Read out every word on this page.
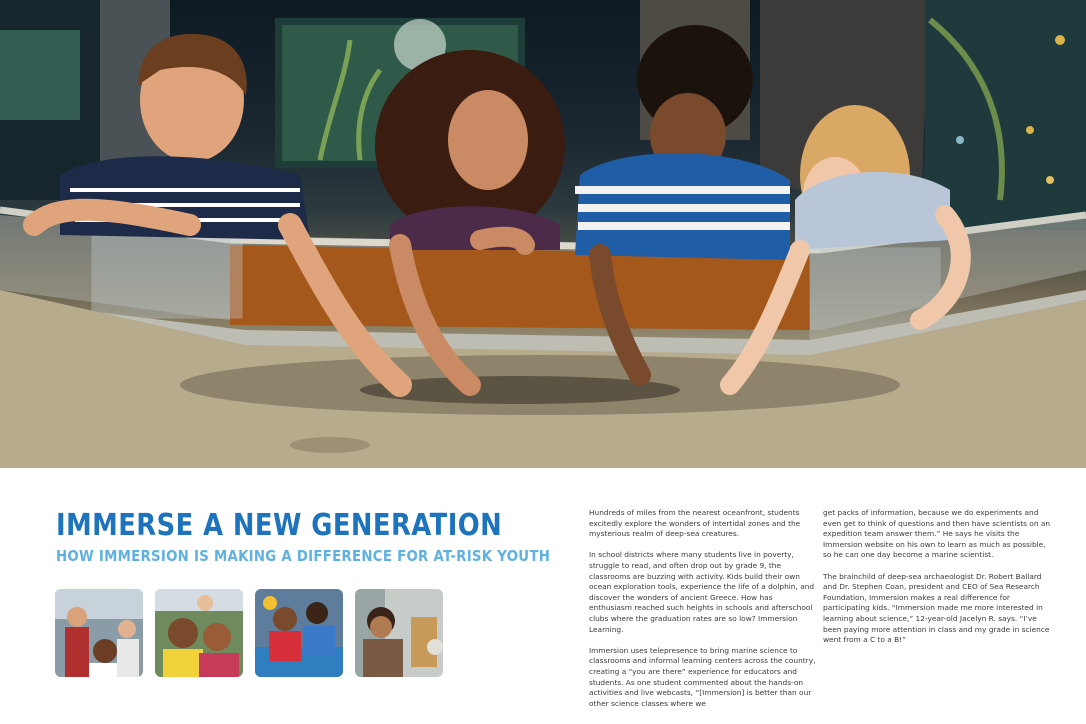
IMMERSE A NEW GENERATION
HOW IMMERSION IS MAKING A DIFFERENCE FOR AT-RISK YOUTH

Hundreds of miles from the nearest oceanfront, students excitedly explore the wonders of intertidal zones and the mysterious realm of deep-sea creatures.

In school districts where many students live in poverty, struggle to read, and often drop out by grade 9, the classrooms are buzzing with activity. Kids build their own ocean exploration tools, experience the life of a dolphin, and discover the wonders of ancient Greece. How has enthusiasm reached such heights in schools and afterschool clubs where the graduation rates are so low? Immersion Learning.

Immersion uses telepresence to bring marine science to classrooms and informal learning centers across the country, creating a “you are there” experience for educators and students. As one student commented about the hands-on activities and live webcasts, “[Immersion] is better than our other science classes where we

get packs of information, because we do experiments and even get to think of questions and then have scientists on an expedition team answer them.” He says he visits the Immersion website on his own to learn as much as possible, so he can one day become a marine scientist.

The brainchild of deep-sea archaeologist Dr. Robert Ballard and Dr. Stephen Coan, president and CEO of Sea Research Foundation, Immersion makes a real difference for participating kids. “Immersion made me more interested in learning about science,” 12-year-old Jacelyn R. says. “I’ve been paying more attention in class and my grade in science went from a C to a B!”
